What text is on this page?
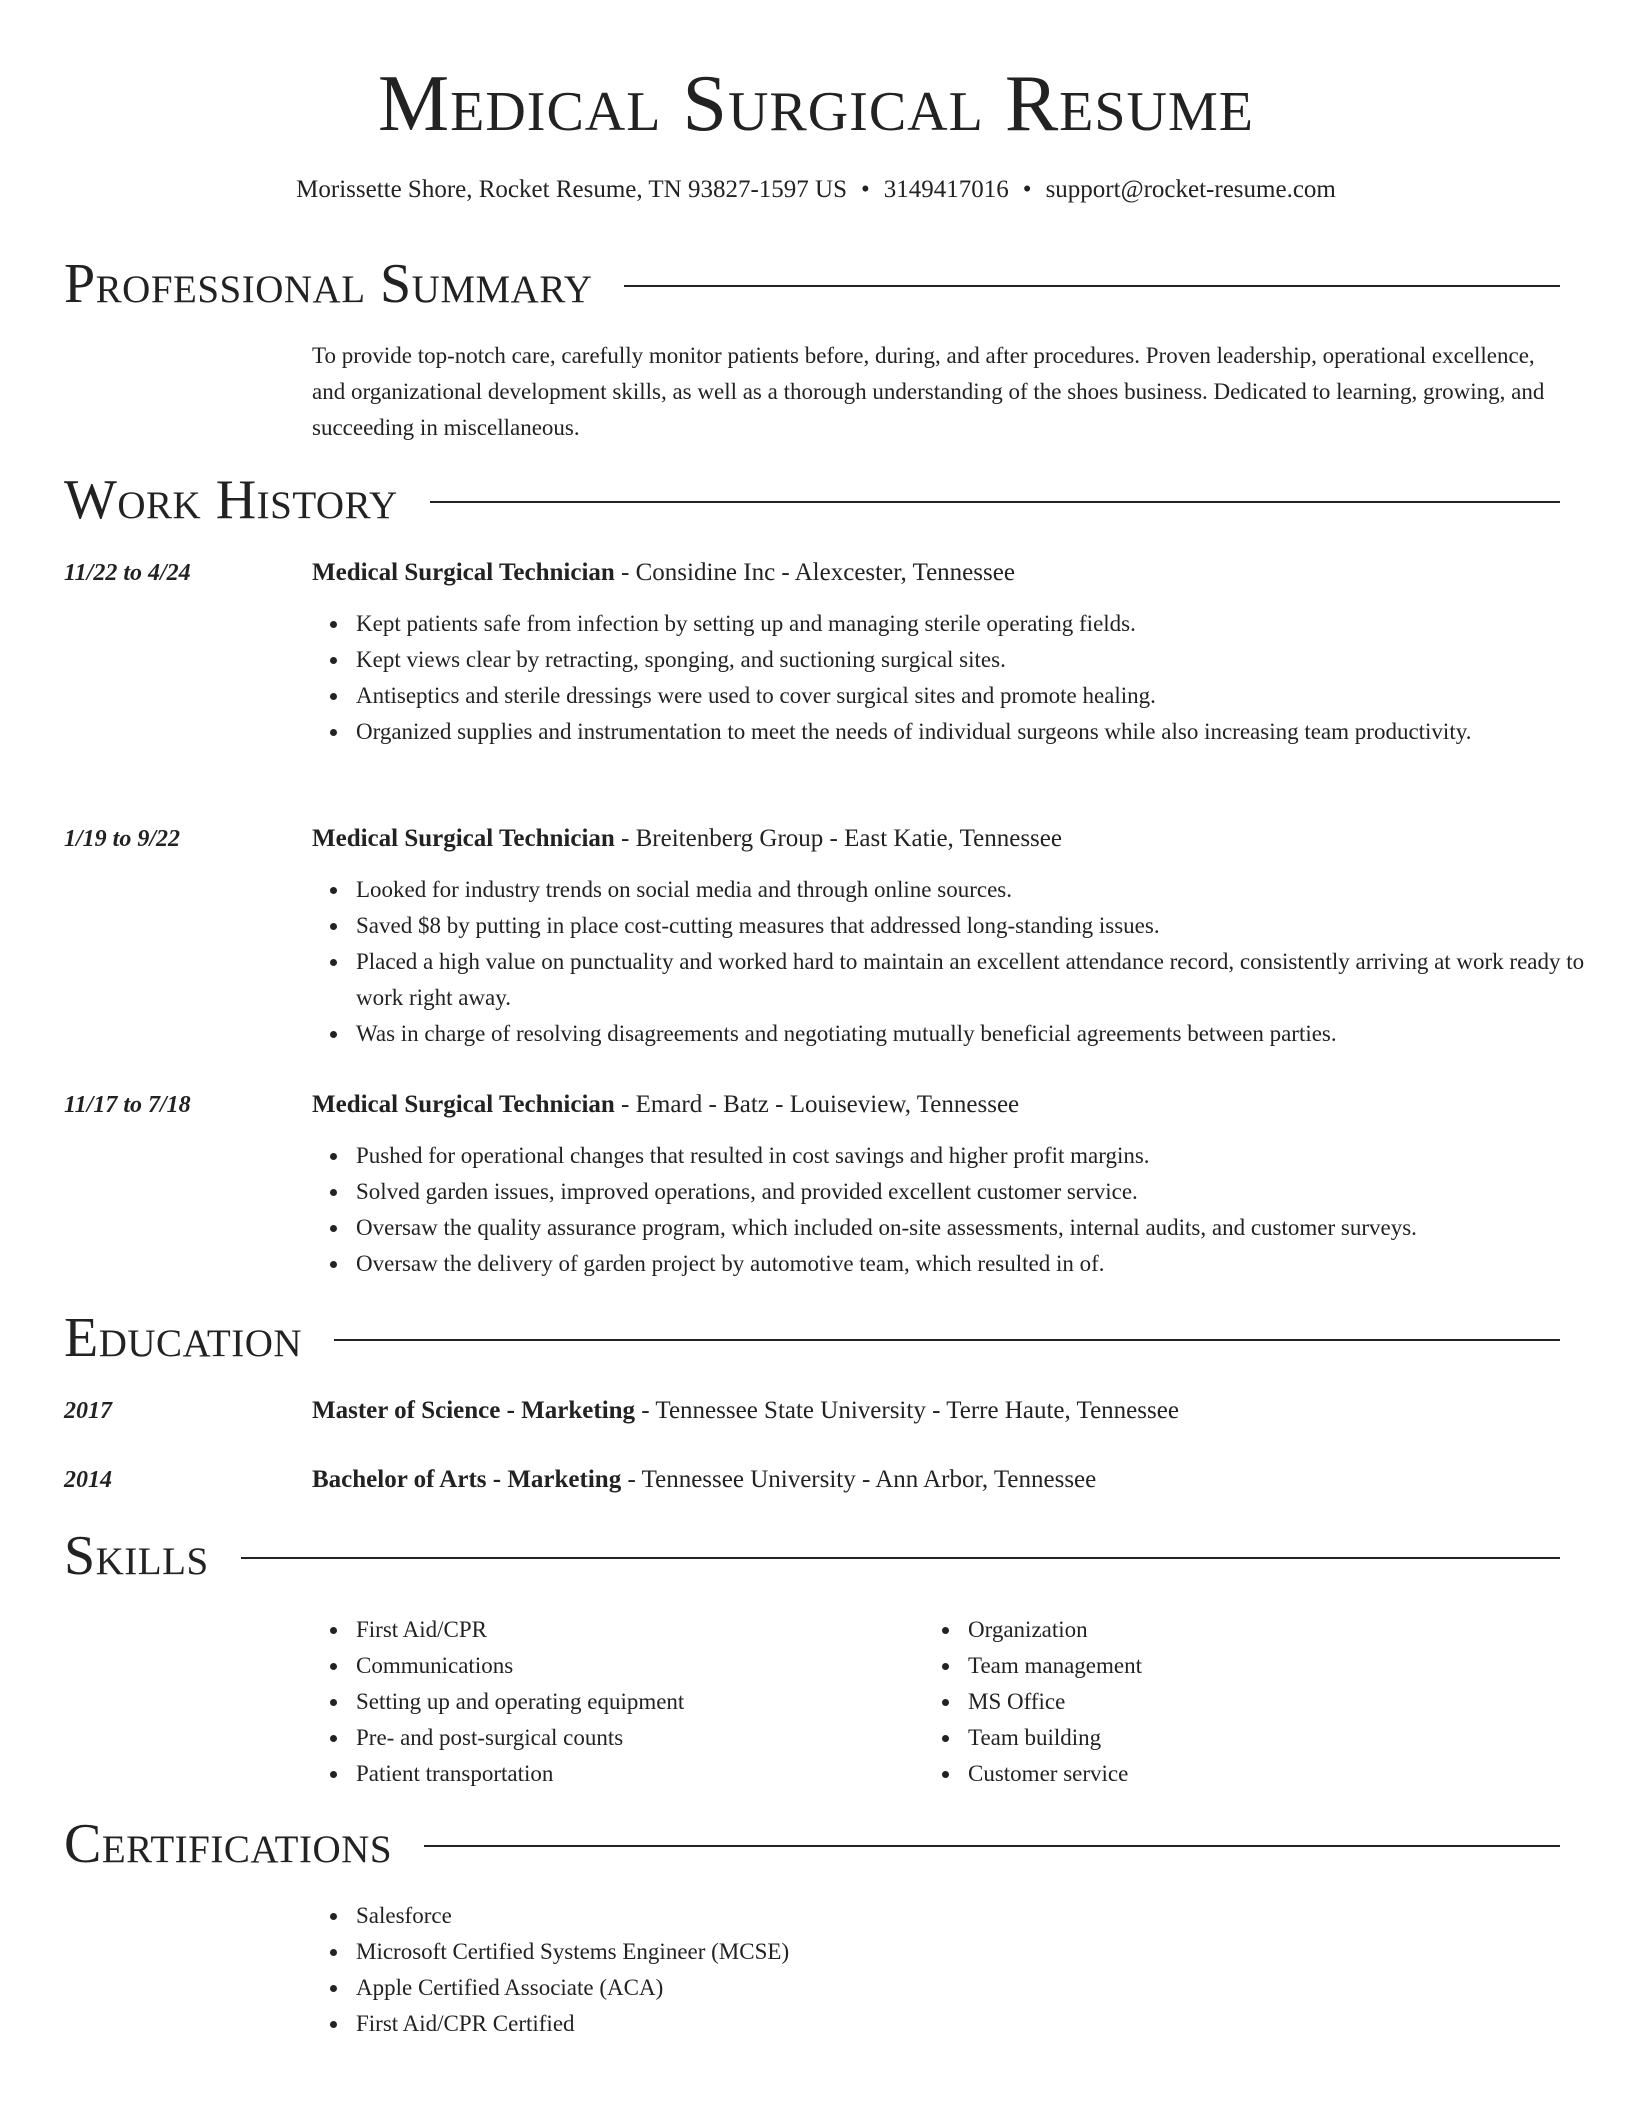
Medical Surgical Resume

Morissette Shore, Rocket Resume, TN 93827-1597 US • 3149417016 • support@rocket-resume.com

Professional Summary

To provide top-notch care, carefully monitor patients before, during, and after procedures. Proven leadership, operational excellence, and organizational development skills, as well as a thorough understanding of the shoes business. Dedicated to learning, growing, and succeeding in miscellaneous.

Work History
11/22 to 4/24	Medical Surgical Technician - Considine Inc - Alexcester, Tennessee
Kept patients safe from infection by setting up and managing sterile operating fields.
Kept views clear by retracting, sponging, and suctioning surgical sites.
Antiseptics and sterile dressings were used to cover surgical sites and promote healing.
Organized supplies and instrumentation to meet the needs of individual surgeons while also increasing team productivity.
1/19 to 9/22	Medical Surgical Technician - Breitenberg Group - East Katie, Tennessee
Looked for industry trends on social media and through online sources.
Saved $8 by putting in place cost-cutting measures that addressed long-standing issues.
Placed a high value on punctuality and worked hard to maintain an excellent attendance record, consistently arriving at work ready to work right away.
Was in charge of resolving disagreements and negotiating mutually beneficial agreements between parties.
11/17 to 7/18	Medical Surgical Technician - Emard - Batz - Louiseview, Tennessee
Pushed for operational changes that resulted in cost savings and higher profit margins.
Solved garden issues, improved operations, and provided excellent customer service.
Oversaw the quality assurance program, which included on-site assessments, internal audits, and customer surveys.
Oversaw the delivery of garden project by automotive team, which resulted in of.
Education
2017	Master of Science - Marketing - Tennessee State University - Terre Haute, Tennessee
2014	Bachelor of Arts - Marketing - Tennessee University - Ann Arbor, Tennessee
Skills
First Aid/CPR
Communications
Setting up and operating equipment
Pre- and post-surgical counts
Patient transportation
Organization
Team management
MS Office
Team building
Customer service
Certifications
Salesforce
Microsoft Certified Systems Engineer (MCSE)
Apple Certified Associate (ACA)
First Aid/CPR Certified
